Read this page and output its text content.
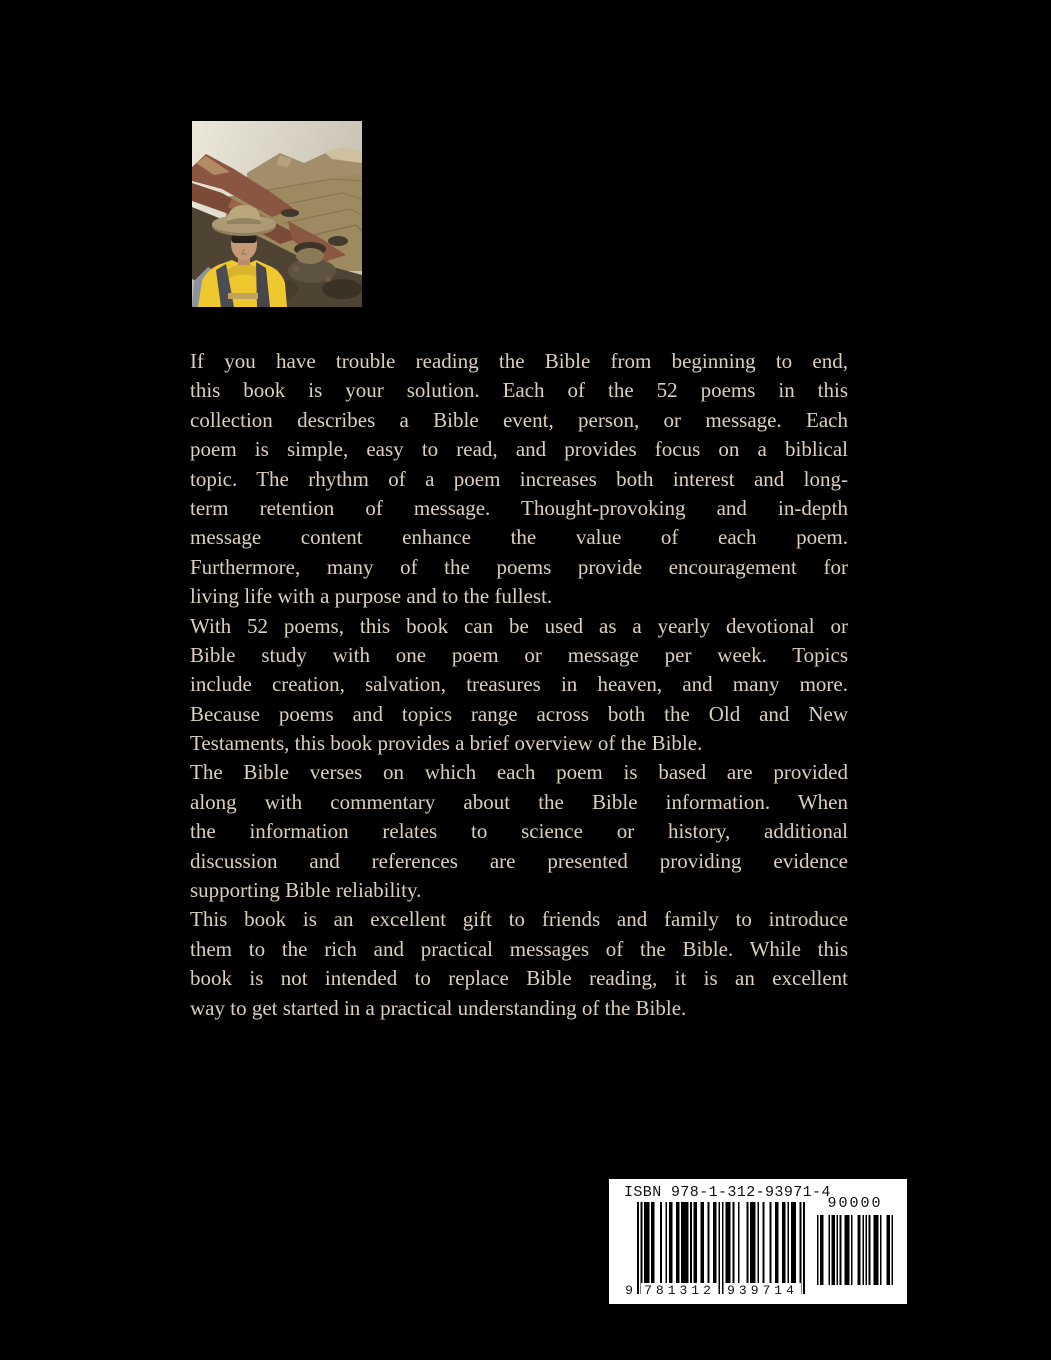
If you have trouble reading the Bible from beginning to end,
this book is your solution. Each of the 52 poems in this
collection describes a Bible event, person, or message. Each
poem is simple, easy to read, and provides focus on a biblical
topic. The rhythm of a poem increases both interest and long-
term retention of message. Thought-provoking and in-depth
message content enhance the value of each poem.
Furthermore, many of the poems provide encouragement for
living life with a purpose and to the fullest.
With 52 poems, this book can be used as a yearly devotional or
Bible study with one poem or message per week. Topics
include creation, salvation, treasures in heaven, and many more.
Because poems and topics range across both the Old and New
Testaments, this book provides a brief overview of the Bible.
The Bible verses on which each poem is based are provided
along with commentary about the Bible information. When
the information relates to science or history, additional
discussion and references are presented providing evidence
supporting Bible reliability.
This book is an excellent gift to friends and family to introduce
them to the rich and practical messages of the Bible. While this
book is not intended to replace Bible reading, it is an excellent
way to get started in a practical understanding of the Bible.
ISBN 978-1-312-93971-4
9 781312 939714
90000
